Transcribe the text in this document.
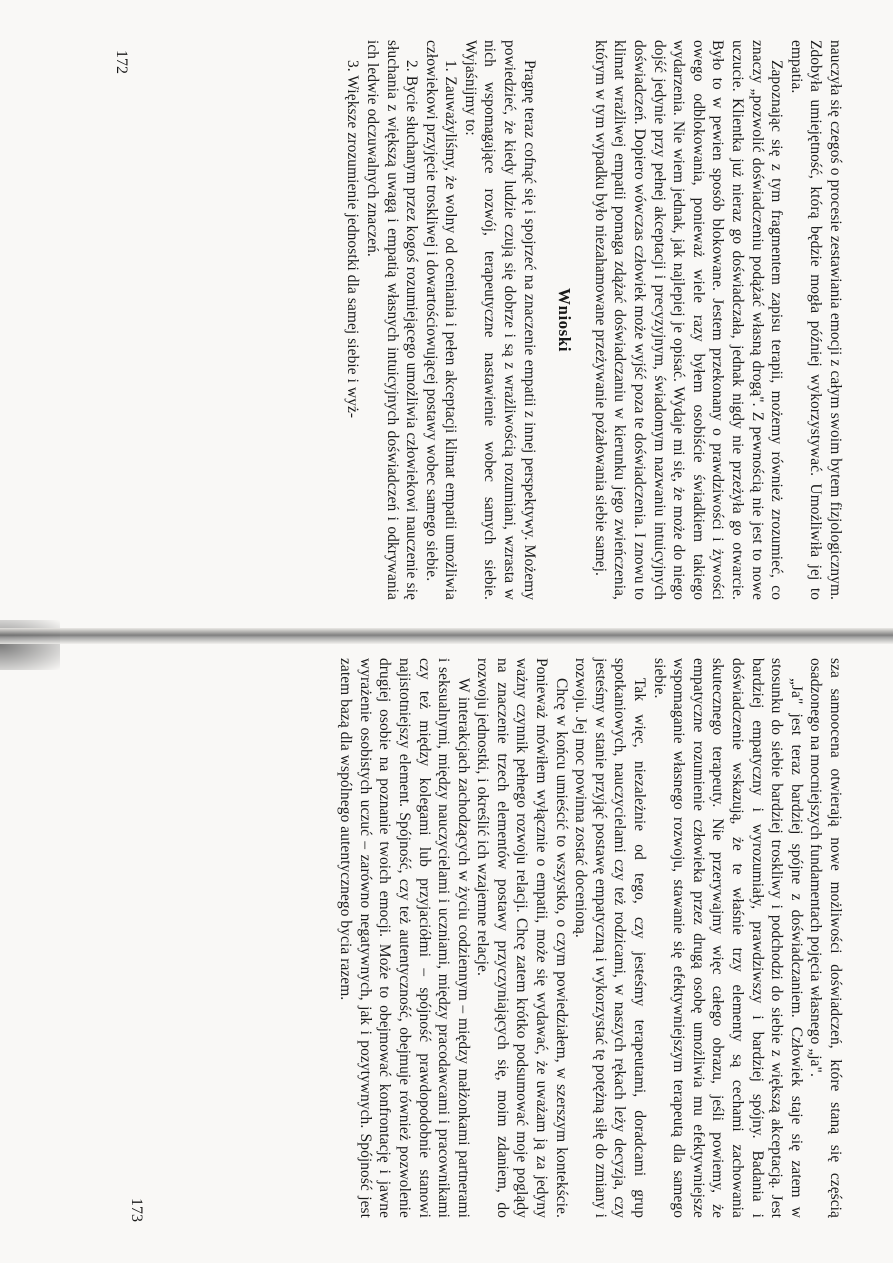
nauczyła się czegoś o procesie zestawiania emocji z całym swoim bytem fizjologicznym. Zdobyła umiejętność, którą będzie mogła później wykorzystywać. Umożliwiła jej to empatia.

Zapoznając się z tym fragmentem zapisu terapii, możemy również zrozumieć, co znaczy „pozwolić doświadczeniu podążać własną drogą". Z pewnością nie jest to nowe uczucie. Klientka już nieraz go doświadczała, jednak nigdy nie przeżyła go otwarcie. Było to w pewien sposób blokowane. Jestem przekonany o prawdziwości i żywości owego odblokowania, ponieważ wiele razy byłem osobiście świadkiem takiego wydarzenia. Nie wiem jednak, jak najlepiej je opisać. Wydaje mi się, że może do niego dojść jedynie przy pełnej akceptacji i precyzyjnym, świadomym nazwaniu intuicyjnych doświadczeń. Dopiero wówczas człowiek może wyjść poza te doświadczenia. I znowu to klimat wrażliwej empatii pomaga zdążać doświadczaniu w kierunku jego zwieńczenia, którym w tym wypadku było niezahamowane przeżywanie pożałowania siebie samej.

Wnioski

Pragnę teraz cofnąć się i spojrzeć na znaczenie empatii z innej perspektywy. Możemy powiedzieć, że kiedy ludzie czują się dobrze i są z wrażliwością rozumiani, wzrasta w nich wspomagające rozwój, terapeutyczne nastawienie wobec samych siebie. Wyjaśnijmy to:

1. Zauważyliśmy, że wolny od oceniania i pełen akceptacji klimat empatii umożliwia człowiekowi przyjęcie troskliwej i dowartościowującej postawy wobec samego siebie.

2. Bycie słuchanym przez kogoś rozumiejącego umożliwia człowiekowi nauczenie się słuchania z większą uwagą i empatią własnych intuicyjnych doświadczeń i odkrywania ich ledwie odczuwalnych znaczeń.

3. Większe zrozumienie jednostki dla samej siebie i wyż-

172

sza samoocena otwierają nowe możliwości doświadczeń, które staną się częścią osadzonego na mocniejszych fundamentach pojęcia własnego „ja".

„Ja" jest teraz bardziej spójne z doświadczaniem. Człowiek staje się zatem w stosunku do siebie bardziej troskliwy i podchodzi do siebie z większą akceptacją. Jest bardziej empatyczny i wyrozumiały, prawdziwszy i bardziej spójny. Badania i doświadczenie wskazują, że te właśnie trzy elementy są cechami zachowania skutecznego terapeuty. Nie przerywajmy więc całego obrazu, jeśli powiemy, że empatyczne rozumienie człowieka przez drugą osobę umożliwia mu efektywniejsze wspomaganie własnego rozwoju, stawanie się efektywniejszym terapeutą dla samego siebie.

Tak więc, niezależnie od tego, czy jesteśmy terapeutami, doradcami grup spotkaniowych, nauczycielami czy też rodzicami, w naszych rękach leży decyzja, czy jesteśmy w stanie przyjąć postawę empatyczną i wykorzystać tę potężną siłę do zmiany i rozwoju. Jej moc powinna zostać docenioną.

Chcę w końcu umieścić to wszystko, o czym powiedziałem, w szerszym kontekście. Ponieważ mówiłem wyłącznie o empatii, może się wydawać, że uważam ją za jedyny ważny czynnik pełnego rozwoju relacji. Chcę zatem krótko podsumować moje poglądy na znaczenie trzech elementów postawy przyczyniających się, moim zdaniem, do rozwoju jednostki, i określić ich wzajemne relacje.

W interakcjach zachodzących w życiu codziennym – między małżonkami partnerami i seksualnymi, między nauczycielami i uczniami, między pracodawcami i pracownikami czy też między kolegami lub przyjaciółmi – spójność prawdopodobnie stanowi najistotniejszy element. Spójność, czy też autentyczność, obejmuje również pozwolenie drugiej osobie na poznanie twoich emocji. Może to obejmować konfrontację i jawne wyrażenie osobistych uczuć – zarówno negatywnych, jak i pozytywnych. Spójność jest zatem bazą dla wspólnego autentycznego bycia razem.

173
